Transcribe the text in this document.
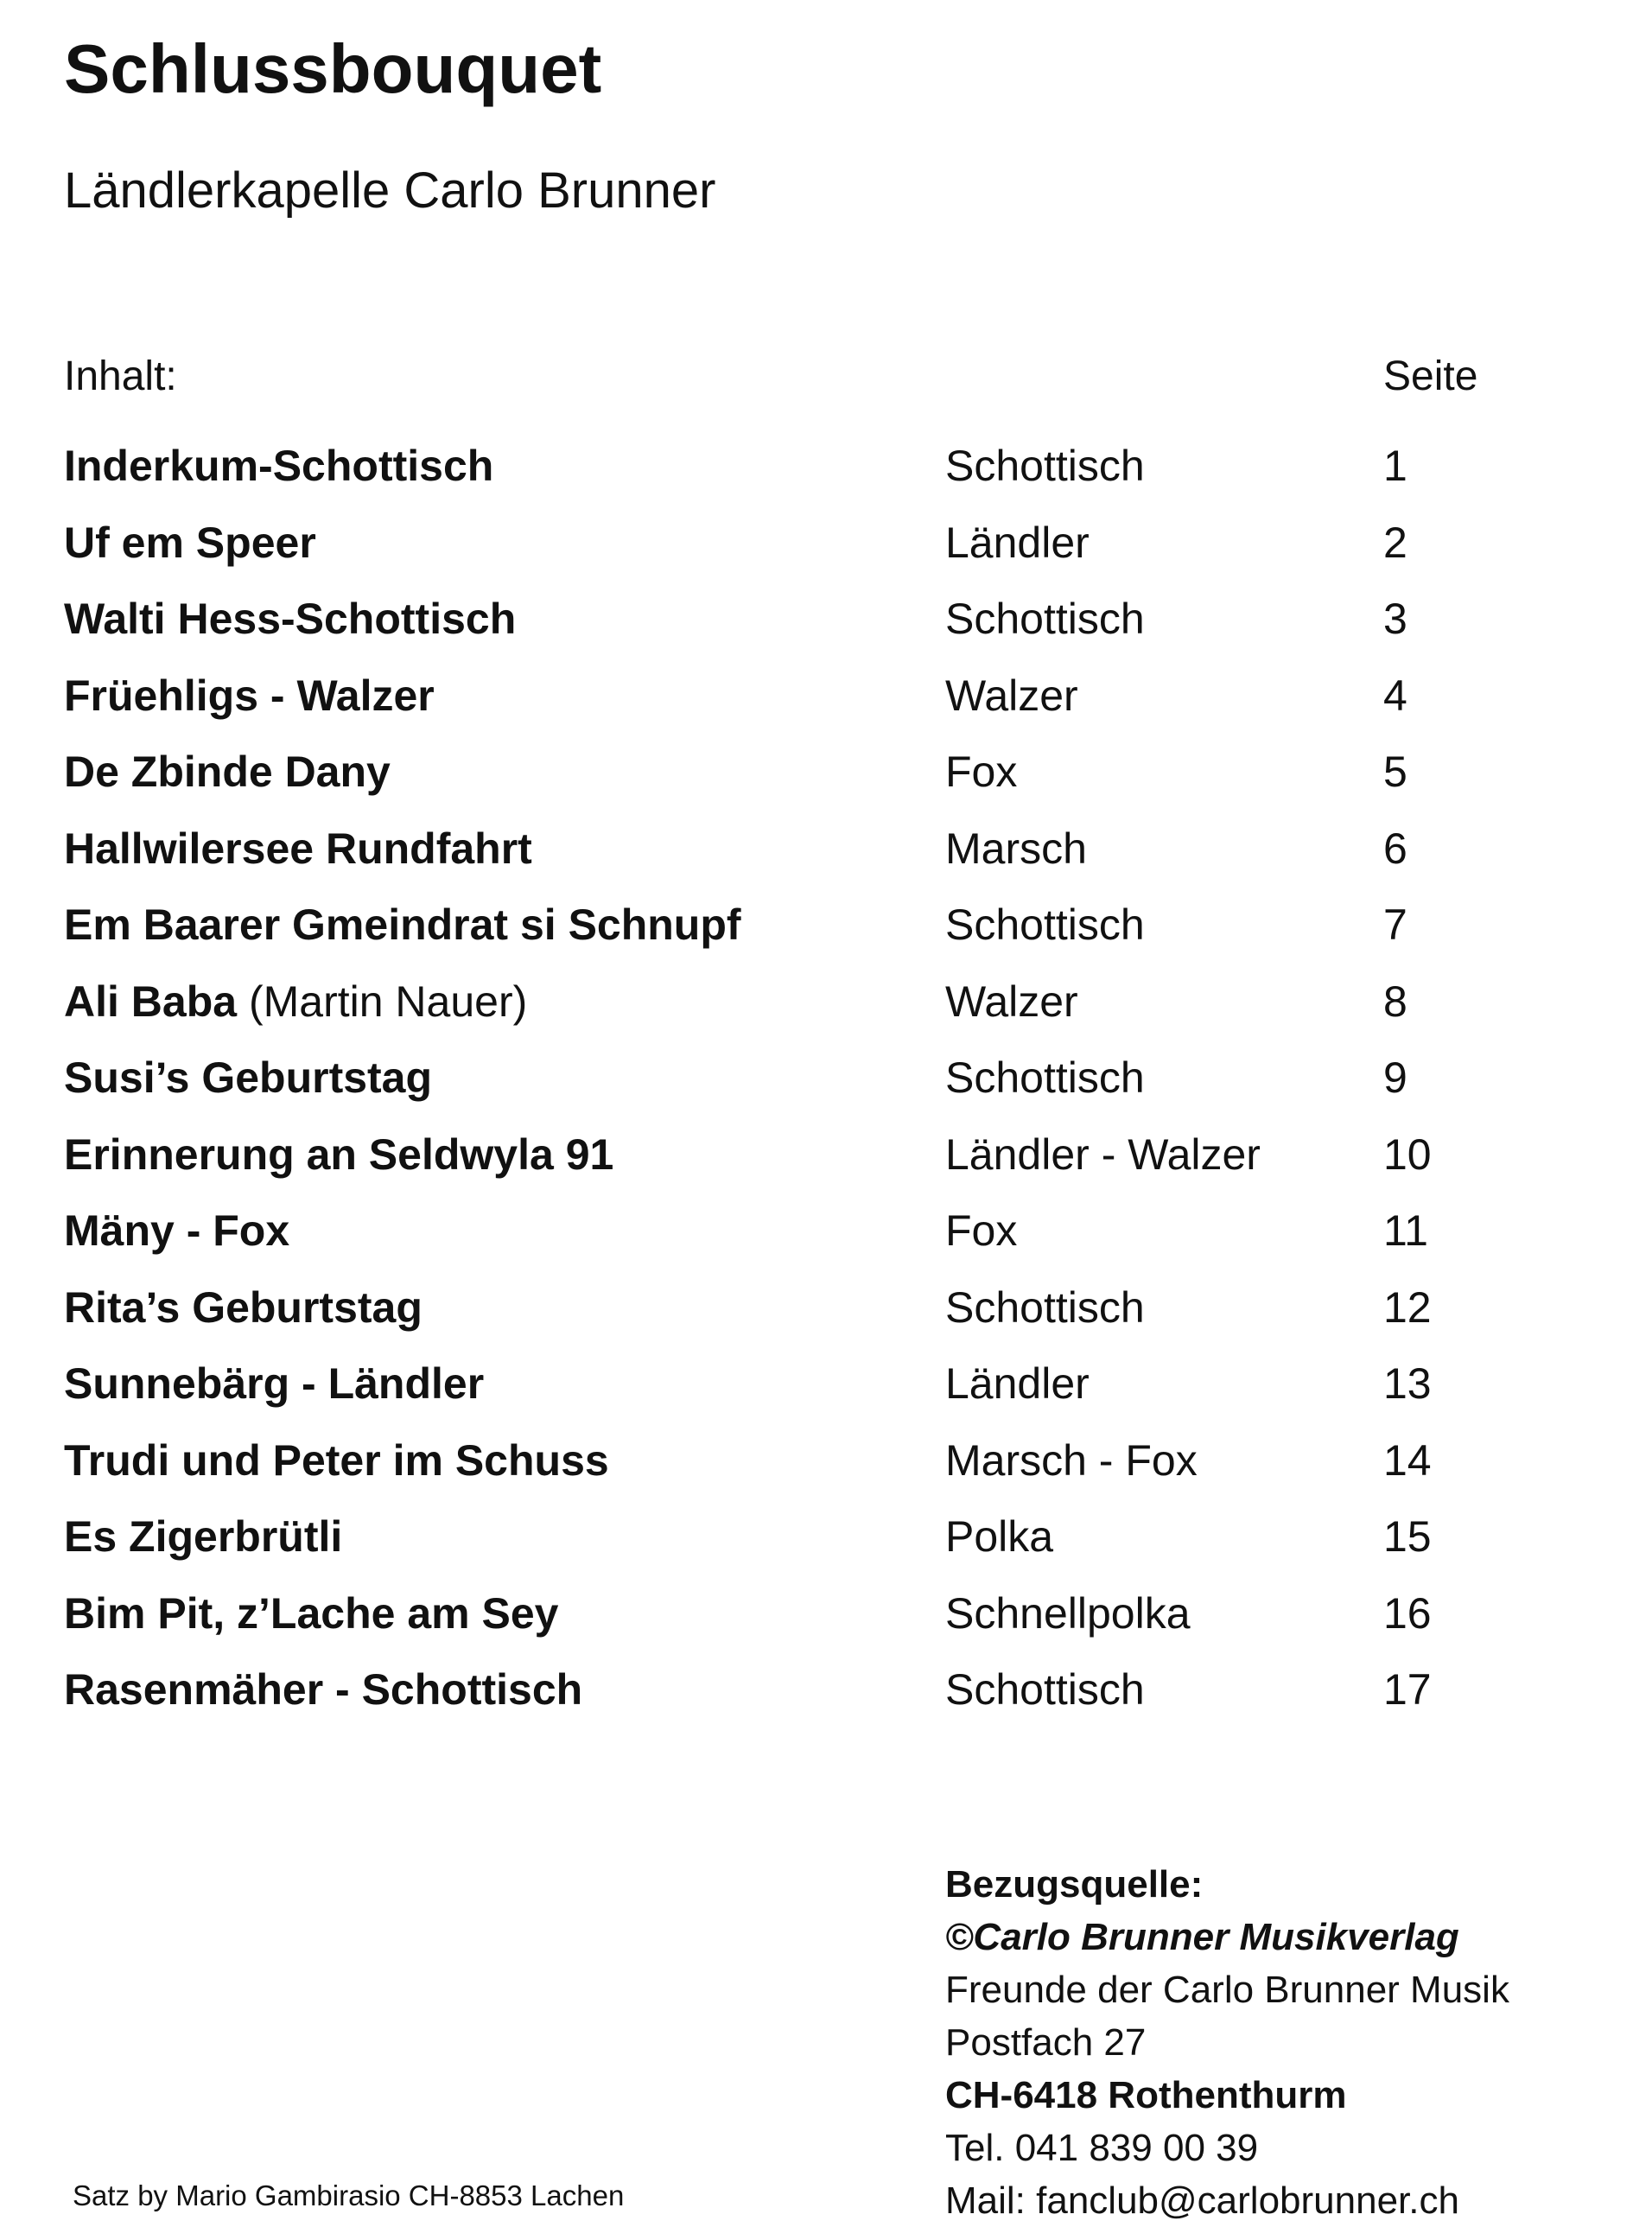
Schlussbouquet
Ländlerkapelle Carlo Brunner
Inhalt:	Seite
Inderkum-Schottisch	Schottisch	1
Uf em Speer	Ländler	2
Walti Hess-Schottisch	Schottisch	3
Früehligs - Walzer	Walzer	4
De Zbinde Dany	Fox	5
Hallwilersee Rundfahrt	Marsch	6
Em Baarer Gmeindrat si Schnupf	Schottisch	7
Ali Baba (Martin Nauer)	Walzer	8
Susi’s Geburtstag	Schottisch	9
Erinnerung an Seldwyla 91	Ländler - Walzer	10
Mäny - Fox	Fox	11
Rita’s Geburtstag	Schottisch	12
Sunnebärg - Ländler	Ländler	13
Trudi und Peter im Schuss	Marsch - Fox	14
Es Zigerbrütli	Polka	15
Bim Pit, z’Lache am Sey	Schnellpolka	16
Rasenmäher - Schottisch	Schottisch	17
Bezugsquelle:
©Carlo Brunner Musikverlag
Freunde der Carlo Brunner Musik
Postfach 27
CH-6418 Rothenthurm
Tel. 041 839 00 39
Mail: fanclub@carlobrunner.ch
Satz by Mario Gambirasio CH-8853 Lachen
